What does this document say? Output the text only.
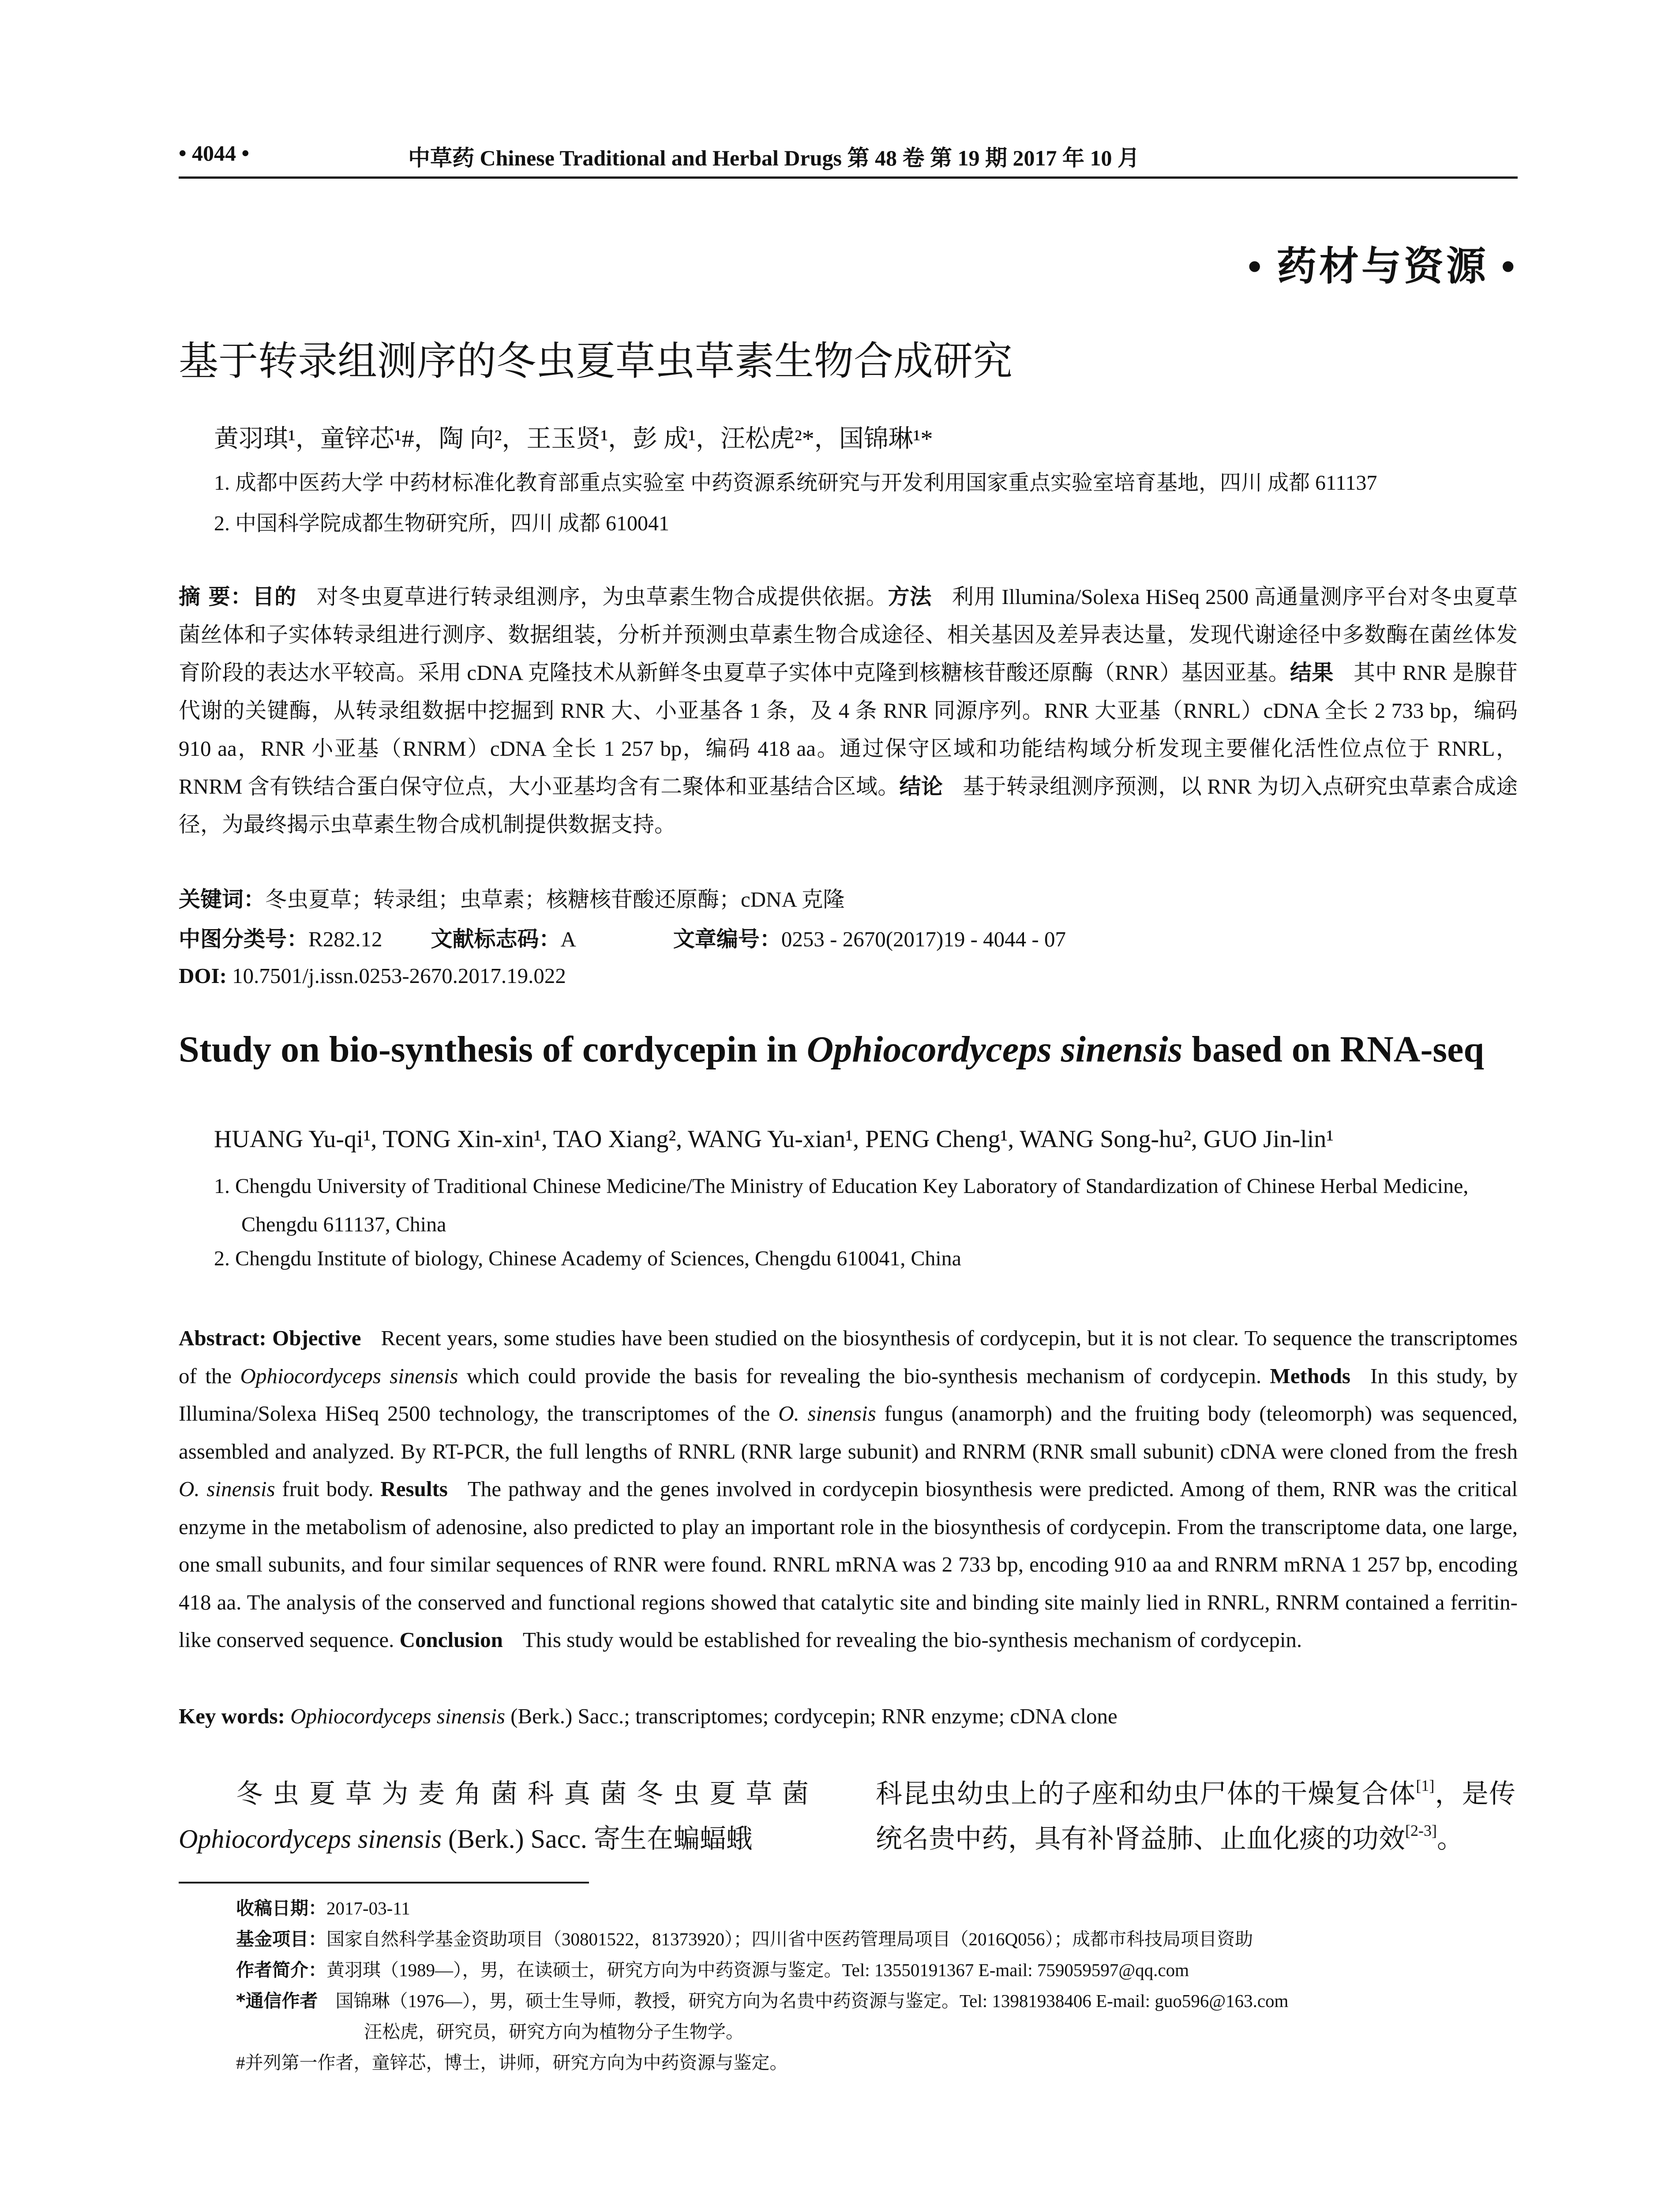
• 4044 •	中草药 Chinese Traditional and Herbal Drugs 第 48 卷 第 19 期 2017 年 10 月
• 药材与资源 •
基于转录组测序的冬虫夏草虫草素生物合成研究
黄羽琪¹，童锌芯¹#，陶 向²，王玉贤¹，彭 成¹，汪松虎²*，国锦琳¹*
1. 成都中医药大学 中药材标准化教育部重点实验室 中药资源系统研究与开发利用国家重点实验室培育基地，四川 成都 611137
2. 中国科学院成都生物研究所，四川 成都 610041
摘 要：目的 对冬虫夏草进行转录组测序，为虫草素生物合成提供依据。方法 利用 Illumina/Solexa HiSeq 2500 高通量测序平台对冬虫夏草菌丝体和子实体转录组进行测序、数据组装，分析并预测虫草素生物合成途径、相关基因及差异表达量，发现代谢途径中多数酶在菌丝体发育阶段的表达水平较高。采用 cDNA 克隆技术从新鲜冬虫夏草子实体中克隆到核糖核苷酸还原酶（RNR）基因亚基。结果 其中 RNR 是腺苷代谢的关键酶，从转录组数据中挖掘到 RNR 大、小亚基各 1 条，及 4 条 RNR 同源序列。RNR 大亚基（RNRL）cDNA 全长 2 733 bp，编码 910 aa，RNR 小亚基（RNRM）cDNA 全长 1 257 bp，编码 418 aa。通过保守区域和功能结构域分析发现主要催化活性位点位于 RNRL，RNRM 含有铁结合蛋白保守位点，大小亚基均含有二聚体和亚基结合区域。结论 基于转录组测序预测，以 RNR 为切入点研究虫草素合成途径，为最终揭示虫草素生物合成机制提供数据支持。
关键词：冬虫夏草；转录组；虫草素；核糖核苷酸还原酶；cDNA 克隆
中图分类号：R282.12 文献标志码：A	文章编号：0253 - 2670(2017)19 - 4044 - 07
DOI: 10.7501/j.issn.0253-2670.2017.19.022
Study on bio-synthesis of cordycepin in Ophiocordyceps sinensis based on RNA-seq
HUANG Yu-qi¹, TONG Xin-xin¹, TAO Xiang², WANG Yu-xian¹, PENG Cheng¹, WANG Song-hu², GUO Jin-lin¹
1. Chengdu University of Traditional Chinese Medicine/The Ministry of Education Key Laboratory of Standardization of Chinese Herbal Medicine, Chengdu 611137, China
2. Chengdu Institute of biology, Chinese Academy of Sciences, Chengdu 610041, China
Abstract: Objective Recent years, some studies have been studied on the biosynthesis of cordycepin, but it is not clear. To sequence the transcriptomes of the Ophiocordyceps sinensis which could provide the basis for revealing the bio-synthesis mechanism of cordycepin. Methods In this study, by Illumina/Solexa HiSeq 2500 technology, the transcriptomes of the O. sinensis fungus (anamorph) and the fruiting body (teleomorph) was sequenced, assembled and analyzed. By RT-PCR, the full lengths of RNRL (RNR large subunit) and RNRM (RNR small subunit) cDNA were cloned from the fresh O. sinensis fruit body. Results The pathway and the genes involved in cordycepin biosynthesis were predicted. Among of them, RNR was the critical enzyme in the metabolism of adenosine, also predicted to play an important role in the biosynthesis of cordycepin. From the transcriptome data, one large, one small subunits, and four similar sequences of RNR were found. RNRL mRNA was 2 733 bp, encoding 910 aa and RNRM mRNA 1 257 bp, encoding 418 aa. The analysis of the conserved and functional regions showed that catalytic site and binding site mainly lied in RNRL, RNRM contained a ferritin-like conserved sequence. Conclusion This study would be established for revealing the bio-synthesis mechanism of cordycepin.
Key words: Ophiocordyceps sinensis (Berk.) Sacc.; transcriptomes; cordycepin; RNR enzyme; cDNA clone
冬虫夏草为麦角菌科真菌冬虫夏草菌 Ophiocordyceps sinensis (Berk.) Sacc. 寄生在蝙蝠蛾
科昆虫幼虫上的子座和幼虫尸体的干燥复合体[1]，是传统名贵中药，具有补肾益肺、止血化痰的功效[2-3]。
收稿日期：2017-03-11
基金项目：国家自然科学基金资助项目（30801522，81373920）；四川省中医药管理局项目（2016Q056）；成都市科技局项目资助
作者简介：黄羽琪（1989—），男，在读硕士，研究方向为中药资源与鉴定。Tel: 13550191367 E-mail: 759059597@qq.com
*通信作者 国锦琳（1976—），男，硕士生导师，教授，研究方向为名贵中药资源与鉴定。Tel: 13981938406 E-mail: guo596@163.com
汪松虎，研究员，研究方向为植物分子生物学。
#并列第一作者，童锌芯，博士，讲师，研究方向为中药资源与鉴定。
